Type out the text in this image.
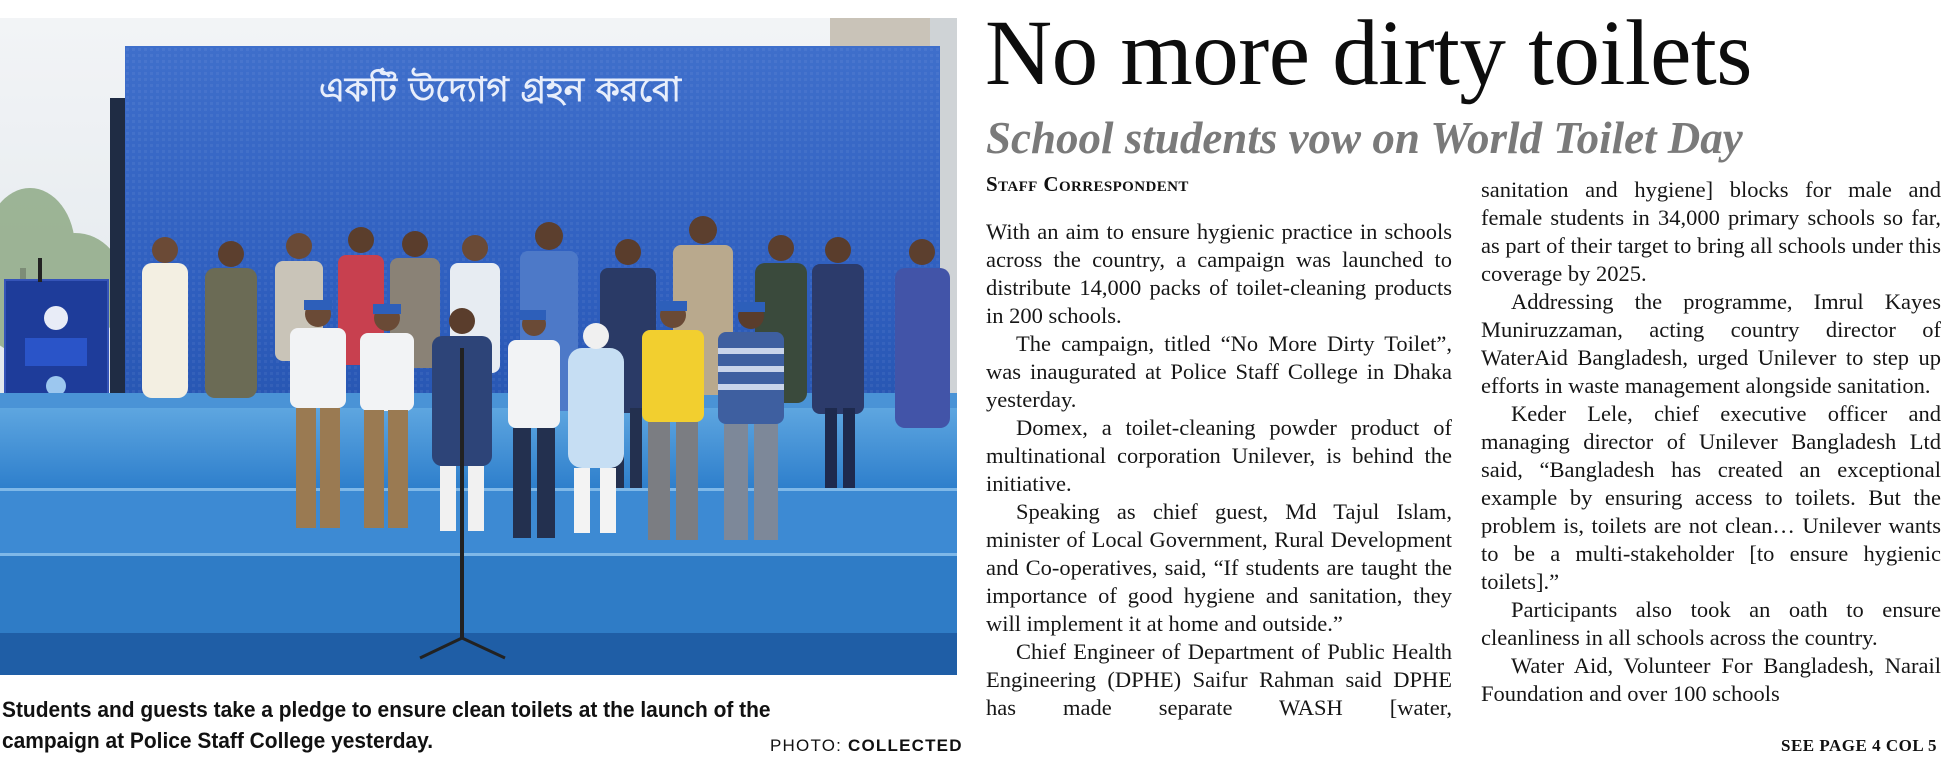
একটি উদ্যোগ গ্রহন করবো
Students and guests take a pledge to ensure clean toilets at the launch of the campaign at Police Staff College yesterday.	PHOTO: COLLECTED
No more dirty toilets
School students vow on World Toilet Day
Staff Correspondent

With an aim to ensure hygienic practice in schools across the country, a campaign was launched to distribute 14,000 packs of toilet-cleaning products in 200 schools.

The campaign, titled “No More Dirty Toilet”, was inaugurated at Police Staff College in Dhaka yesterday.

Domex, a toilet-cleaning powder product of multinational corporation Unilever, is behind the initiative.

Speaking as chief guest, Md Tajul Islam, minister of Local Government, Rural Development and Co-operatives, said, “If students are taught the importance of good hygiene and sanitation, they will implement it at home and outside.”

Chief Engineer of Department of Public Health Engineering (DPHE) Saifur Rahman said DPHE has made separate WASH [water,

sanitation and hygiene] blocks for male and female students in 34,000 primary schools so far, as part of their target to bring all schools under this coverage by 2025.

Addressing the programme, Imrul Kayes Muniruzzaman, acting country director of WaterAid Bangladesh, urged Unilever to step up efforts in waste management alongside sanitation.

Keder Lele, chief executive officer and managing director of Unilever Bangladesh Ltd said, “Bangladesh has created an exceptional example by ensuring access to toilets. But the problem is, toilets are not clean… Unilever wants to be a multi-stakeholder [to ensure hygienic toilets].”

Participants also took an oath to ensure cleanliness in all schools across the country.

Water Aid, Volunteer For Bangladesh, Narail Foundation and over 100 schools

SEE PAGE 4 COL 5
